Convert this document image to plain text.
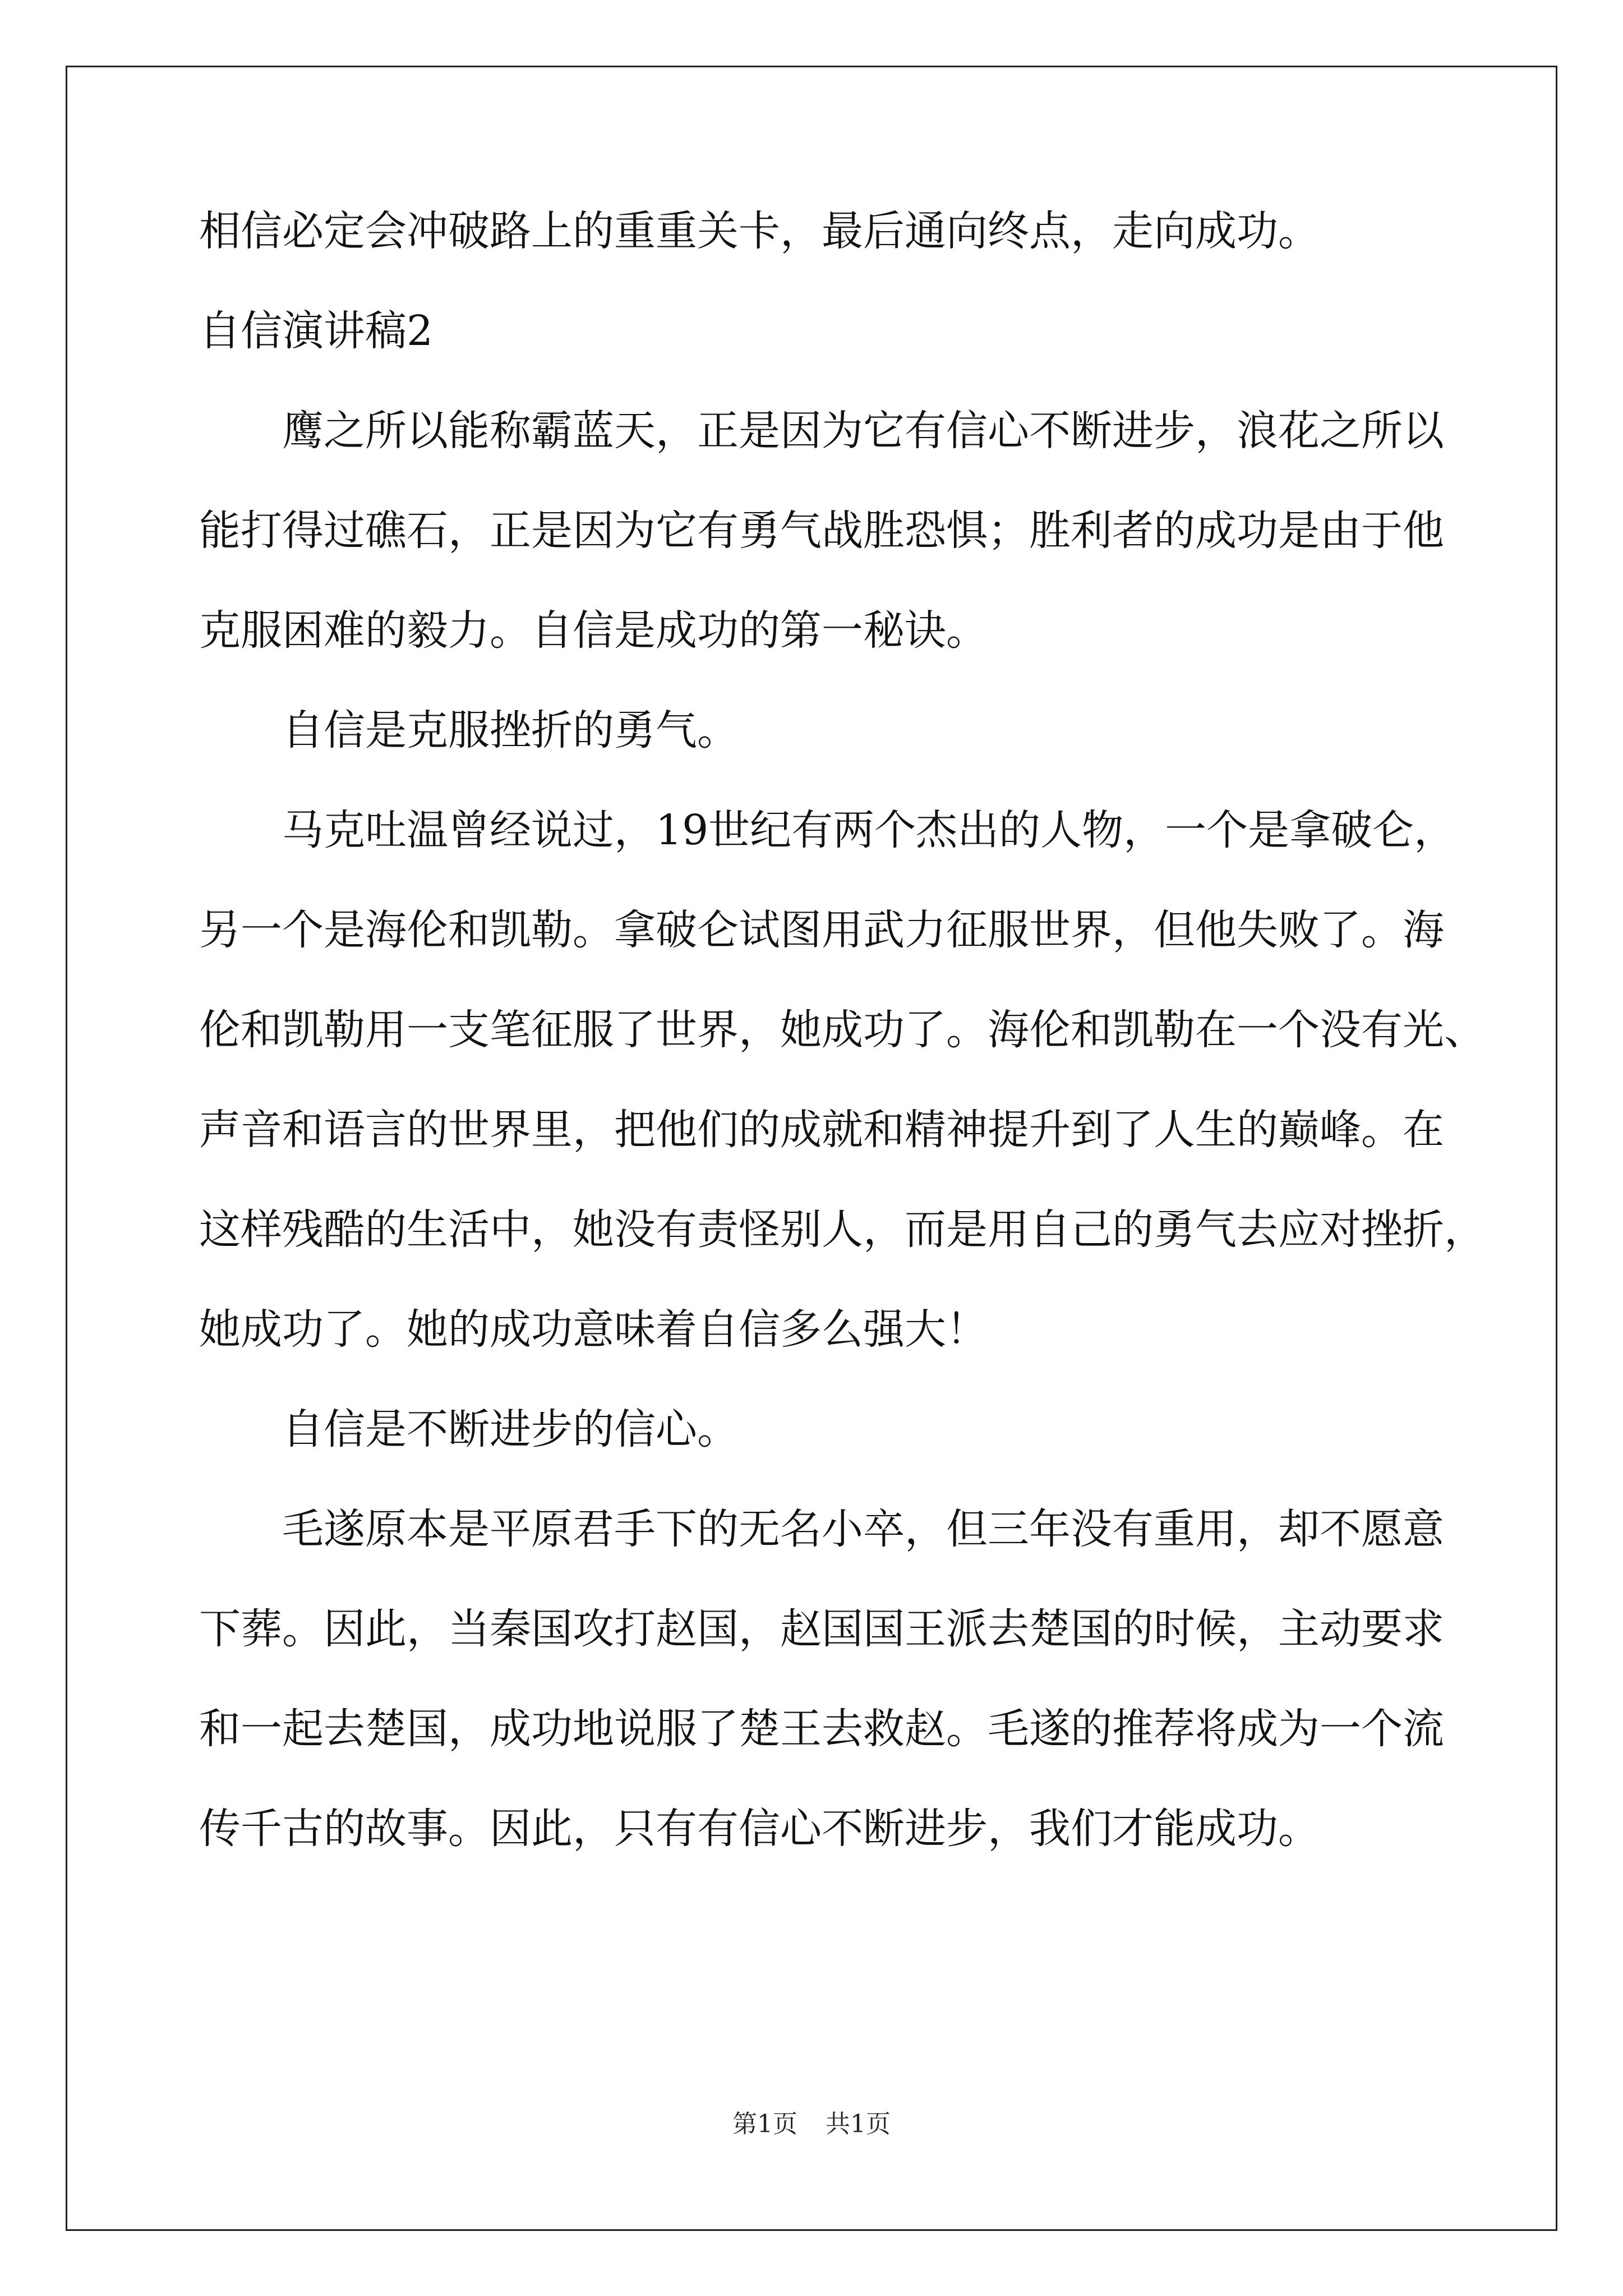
相信必定会冲破路上的重重关卡，最后通向终点，走向成功。
自信演讲稿2
鹰之所以能称霸蓝天，正是因为它有信心不断进步，浪花之所以
能打得过礁石，正是因为它有勇气战胜恐惧；胜利者的成功是由于他
克服困难的毅力。自信是成功的第一秘诀。
自信是克服挫折的勇气。
马克吐温曾经说过，19世纪有两个杰出的人物，一个是拿破仑，
另一个是海伦和凯勒。拿破仑试图用武力征服世界，但他失败了。海
伦和凯勒用一支笔征服了世界，她成功了。海伦和凯勒在一个没有光、
声音和语言的世界里，把他们的成就和精神提升到了人生的巅峰。在
这样残酷的生活中，她没有责怪别人，而是用自己的勇气去应对挫折，
她成功了。她的成功意味着自信多么强大！
自信是不断进步的信心。
毛遂原本是平原君手下的无名小卒，但三年没有重用，却不愿意
下葬。因此，当秦国攻打赵国，赵国国王派去楚国的时候，主动要求
和一起去楚国，成功地说服了楚王去救赵。毛遂的推荐将成为一个流
传千古的故事。因此，只有有信心不断进步，我们才能成功。
第1页 共1页
